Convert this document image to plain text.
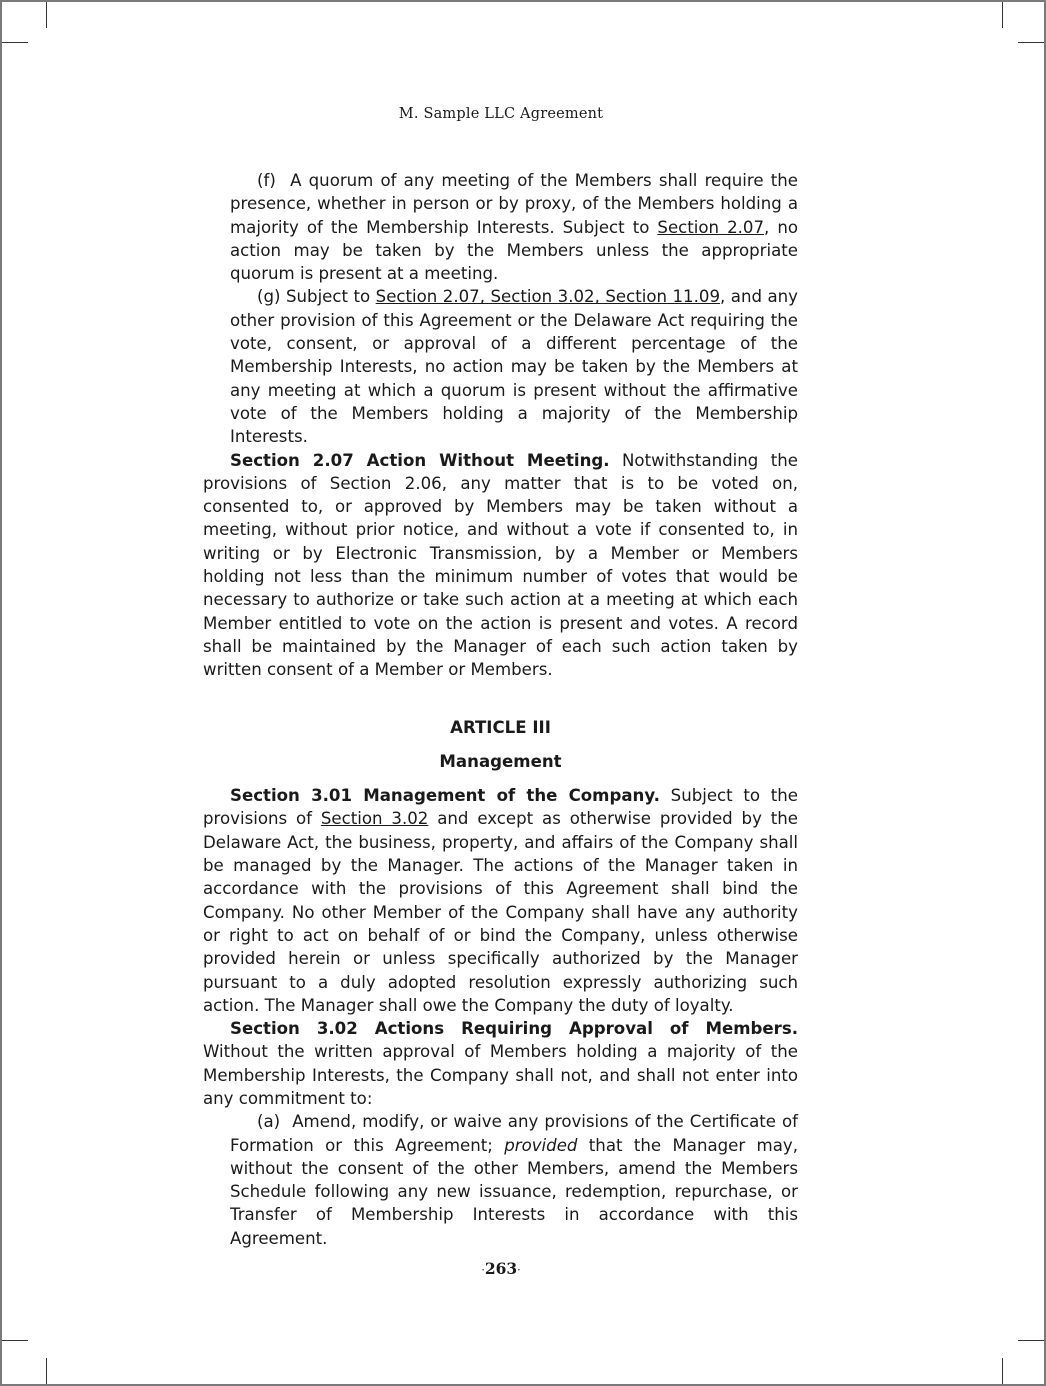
M. Sample LLC Agreement

(f) A quorum of any meeting of the Members shall require the presence, whether in person or by proxy, of the Members holding a majority of the Membership Interests. Subject to Section 2.07, no action may be taken by the Members unless the appropriate quorum is present at a meeting.

(g) Subject to Section 2.07, Section 3.02, Section 11.09, and any other provision of this Agreement or the Delaware Act requiring the vote, consent, or approval of a different percentage of the Membership Interests, no action may be taken by the Members at any meeting at which a quorum is present without the affirmative vote of the Members holding a majority of the Membership Interests.

Section 2.07 Action Without Meeting. Notwithstanding the provisions of Section 2.06, any matter that is to be voted on, consented to, or approved by Members may be taken without a meeting, without prior notice, and without a vote if consented to, in writing or by Electronic Transmission, by a Member or Members holding not less than the minimum number of votes that would be necessary to authorize or take such action at a meeting at which each Member entitled to vote on the action is present and votes. A record shall be maintained by the Manager of each such action taken by written consent of a Member or Members.

ARTICLE III

Management

Section 3.01 Management of the Company. Subject to the provisions of Section 3.02 and except as otherwise provided by the Delaware Act, the business, property, and affairs of the Company shall be managed by the Manager. The actions of the Manager taken in accordance with the provisions of this Agreement shall bind the Company. No other Member of the Company shall have any authority or right to act on behalf of or bind the Company, unless otherwise provided herein or unless specifically authorized by the Manager pursuant to a duly adopted resolution expressly authorizing such action. The Manager shall owe the Company the duty of loyalty.

Section 3.02 Actions Requiring Approval of Members. Without the written approval of Members holding a majority of the Membership Interests, the Company shall not, and shall not enter into any commitment to:

(a) Amend, modify, or waive any provisions of the Certificate of Formation or this Agreement; provided that the Manager may, without the consent of the other Members, amend the Members Schedule following any new issuance, redemption, repurchase, or Transfer of Membership Interests in accordance with this Agreement.

·263·
